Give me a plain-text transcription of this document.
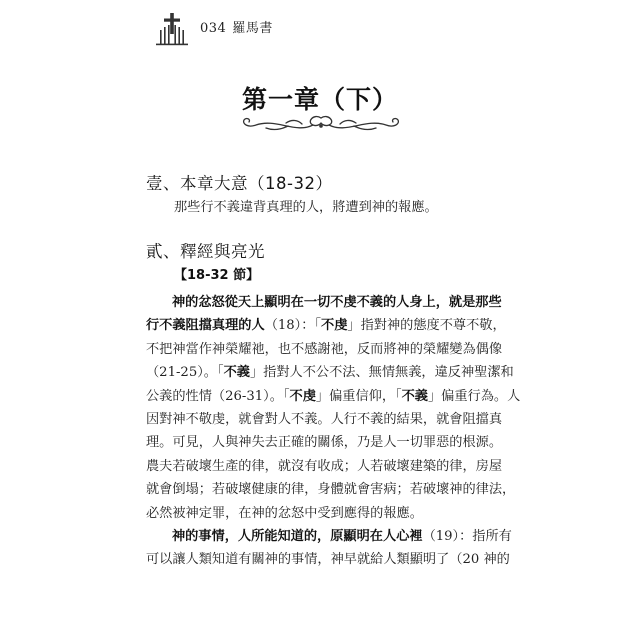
034 羅馬書
第一章（下）
壹、本章大意（18-32）
那些行不義違背真理的人，將遭到神的報應。
貳、釋經與亮光
【18-32 節】
神的忿怒從天上顯明在一切不虔不義的人身上，就是那些
行不義阻擋真理的人（18）：「不虔」指對神的態度不尊不敬，
不把神當作神榮耀祂，也不感謝祂，反而將神的榮耀變為偶像
（21-25）。「不義」指對人不公不法、無情無義，違反神聖潔和
公義的性情（26-31）。「不虔」偏重信仰，「不義」偏重行為。人
因對神不敬虔，就會對人不義。人行不義的結果，就會阻擋真
理。可見，人與神失去正確的關係，乃是人一切罪惡的根源。
農夫若破壞生產的律，就沒有收成；人若破壞建築的律，房屋
就會倒塌；若破壞健康的律，身體就會害病；若破壞神的律法，
必然被神定罪，在神的忿怒中受到應得的報應。
神的事情，人所能知道的，原顯明在人心裡（19）：指所有
可以讓人類知道有關神的事情，神早就給人類顯明了（20 神的
